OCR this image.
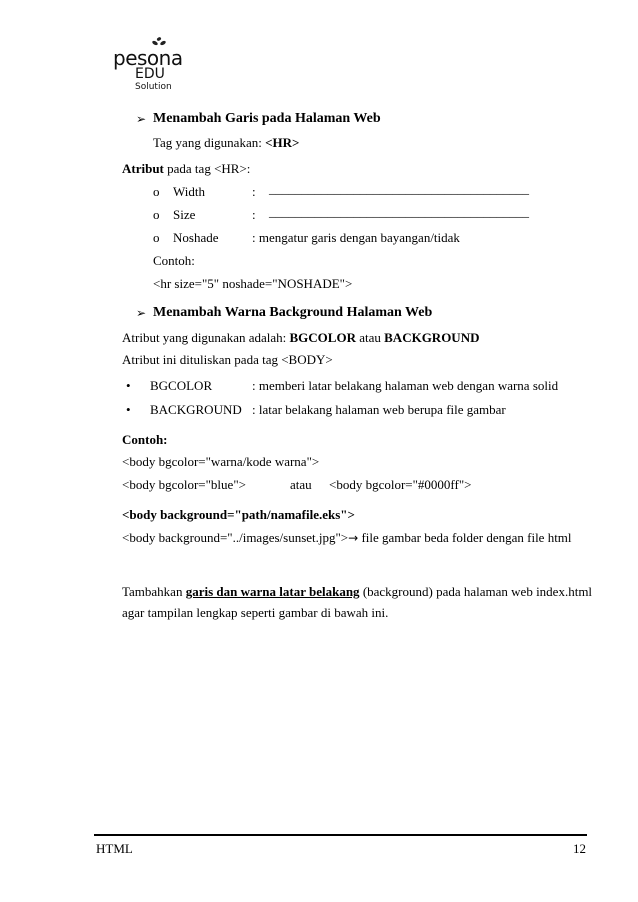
pesona
EDU
Solution
➢ Menambah Garis pada Halaman Web
Tag yang digunakan: <HR>
Atribut pada tag <HR>:
o Width	: ________________________________________
o Size	: ________________________________________
o Noshade	: mengatur garis dengan bayangan/tidak
Contoh:
<hr size="5" noshade="NOSHADE">
➢ Menambah Warna Background Halaman Web
Atribut yang digunakan adalah: BGCOLOR atau BACKGROUND
Atribut ini dituliskan pada tag <BODY>
• BGCOLOR	: memberi latar belakang halaman web dengan warna solid
• BACKGROUND : latar belakang halaman web berupa file gambar
Contoh:
<body bgcolor="warna/kode warna">
<body bgcolor="blue">	atau <body bgcolor="#0000ff">
<body background="path/namafile.eks">
<body background="../images/sunset.jpg">→ file gambar beda folder dengan file html
Tambahkan garis dan warna latar belakang (background) pada halaman web index.html
agar tampilan lengkap seperti gambar di bawah ini.
HTML	12
